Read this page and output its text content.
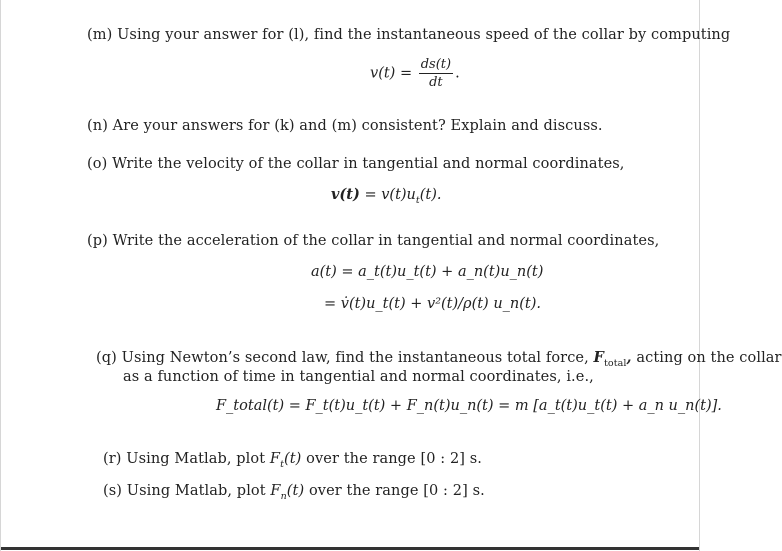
(m) Using your answer for (l), find the instantaneous speed of the collar by computing
$v(t) = \frac{ds(t)}{dt}$ .
(n) Are your answers for (k) and (m) consistent? Explain and discuss.
(o) Write the velocity of the collar in tangential and normal coordinates,
$v(t) = v(t)u_t(t)$.
(p) Write the acceleration of the collar in tangential and normal coordinates,
a(t) = a_t(t)u_t(t) + a_n(t)u_n(t)
= v̇(t)u_t(t) + v²(t)/ρ(t) u_n(t).
(q) Using Newton’s second law, find the instantaneous total force, $F_{total}$, acting on the collar
as a function of time in tangential and normal coordinates, i.e.,
F_total(t) = F_t(t)u_t(t) + F_n(t)u_n(t) = m [a_t(t)u_t(t) + a_n u_n(t)].
(r) Using Matlab, plot $F_t(t)$ over the range [0 : 2] s.
(s) Using Matlab, plot $F_n(t)$ over the range [0 : 2] s.
